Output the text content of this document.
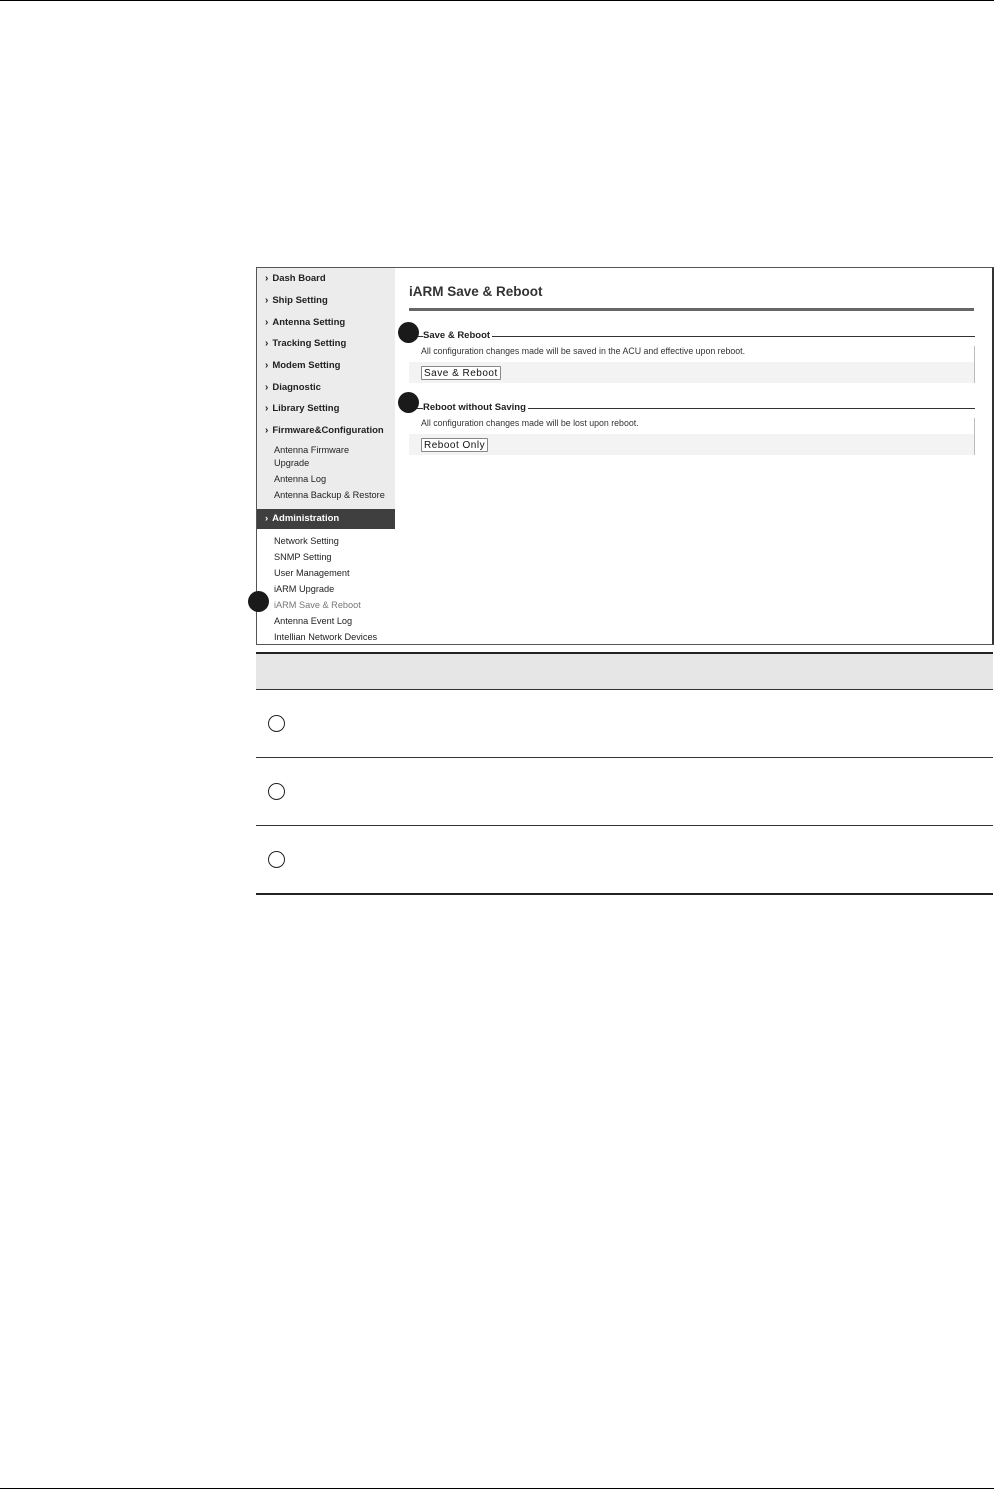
› Dash Board
› Ship Setting
› Antenna Setting
› Tracking Setting
› Modem Setting
› Diagnostic
› Library Setting
› Firmware&Configuration
Antenna Firmware Upgrade
Antenna Log
Antenna Backup & Restore
› Administration
Network Setting
SNMP Setting
User Management
iARM Upgrade
iARM Save & Reboot
Antenna Event Log
Intellian Network Devices
iARM Save & Reboot
Save & Reboot
All configuration changes made will be saved in the ACU and effective upon reboot.
Save & Reboot
Reboot without Saving
All configuration changes made will be lost upon reboot.
Reboot Only
